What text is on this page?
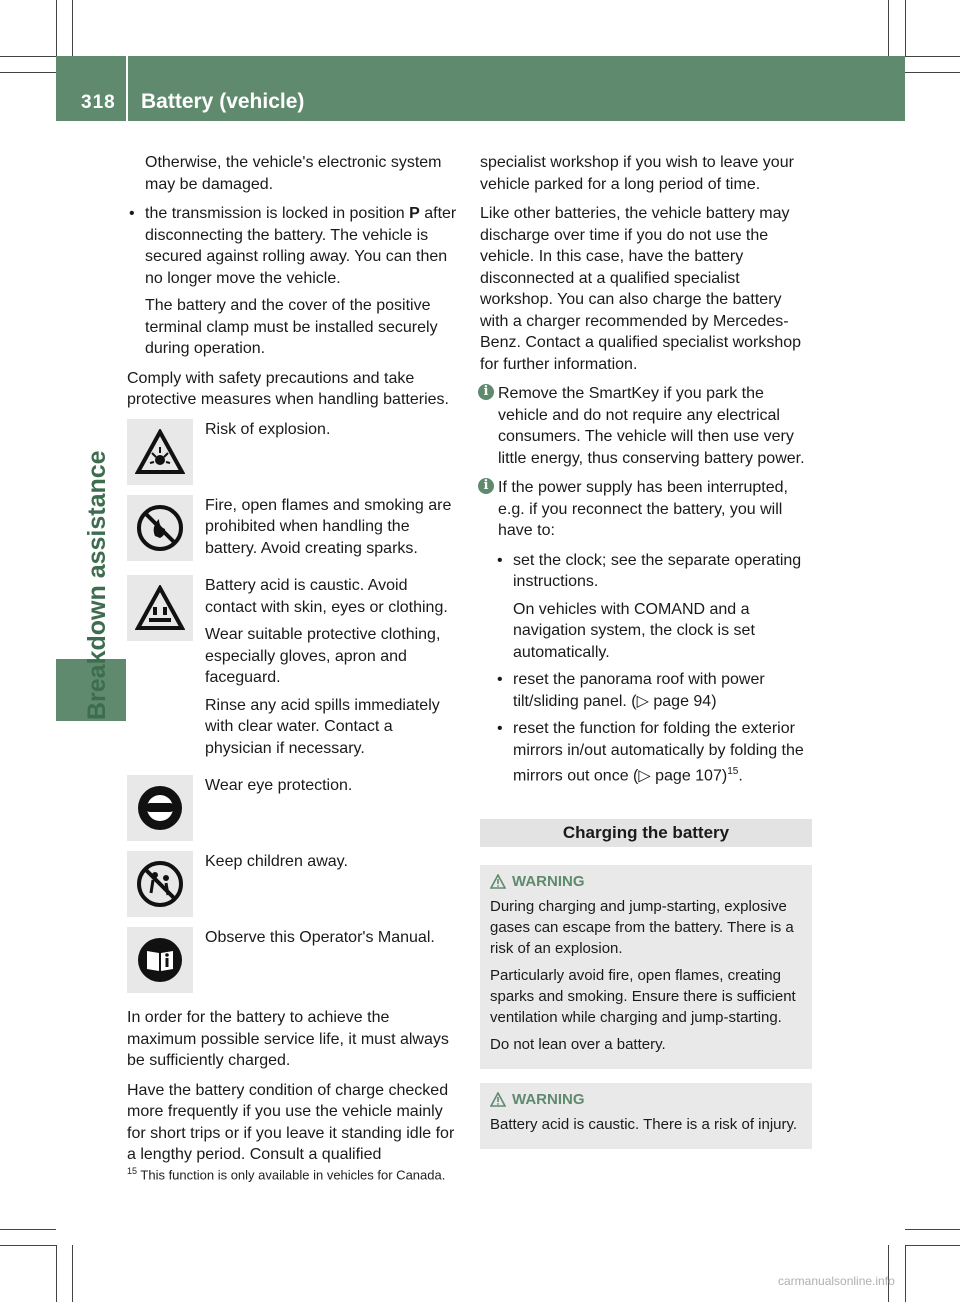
318 Battery (vehicle)
Breakdown assistance

Otherwise, the vehicle's electronic system may be damaged.

• the transmission is locked in position P after disconnecting the battery. The vehicle is secured against rolling away. You can then no longer move the vehicle.

The battery and the cover of the positive terminal clamp must be installed securely during operation.

Comply with safety precautions and take protective measures when handling batteries.

Risk of explosion.

Fire, open flames and smoking are prohibited when handling the battery. Avoid creating sparks.

Battery acid is caustic. Avoid contact with skin, eyes or clothing.

Wear suitable protective clothing, especially gloves, apron and faceguard.

Rinse any acid spills immediately with clear water. Contact a physician if necessary.

Wear eye protection.

Keep children away.

Observe this Operator's Manual.

In order for the battery to achieve the maximum possible service life, it must always be sufficiently charged.

Have the battery condition of charge checked more frequently if you use the vehicle mainly for short trips or if you leave it standing idle for a lengthy period. Consult a qualified

specialist workshop if you wish to leave your vehicle parked for a long period of time.

Like other batteries, the vehicle battery may discharge over time if you do not use the vehicle. In this case, have the battery disconnected at a qualified specialist workshop. You can also charge the battery with a charger recommended by Mercedes-Benz. Contact a qualified specialist workshop for further information.

i Remove the SmartKey if you park the vehicle and do not require any electrical consumers. The vehicle will then use very little energy, thus conserving battery power.
i If the power supply has been interrupted, e.g. if you reconnect the battery, you will have to:
• set the clock; see the separate operating instructions.
On vehicles with COMAND and a navigation system, the clock is set automatically.
• reset the panorama roof with power tilt/sliding panel. (▷ page 94)
• reset the function for folding the exterior mirrors in/out automatically by folding the mirrors out once (▷ page 107)$^{15}$.
Charging the battery
WARNING

During charging and jump-starting, explosive gases can escape from the battery. There is a risk of an explosion.

Particularly avoid fire, open flames, creating sparks and smoking. Ensure there is sufficient ventilation while charging and jump-starting.

Do not lean over a battery.

WARNING

Battery acid is caustic. There is a risk of injury.

$^{15}$ This function is only available in vehicles for Canada.
carmanualsonline.info
